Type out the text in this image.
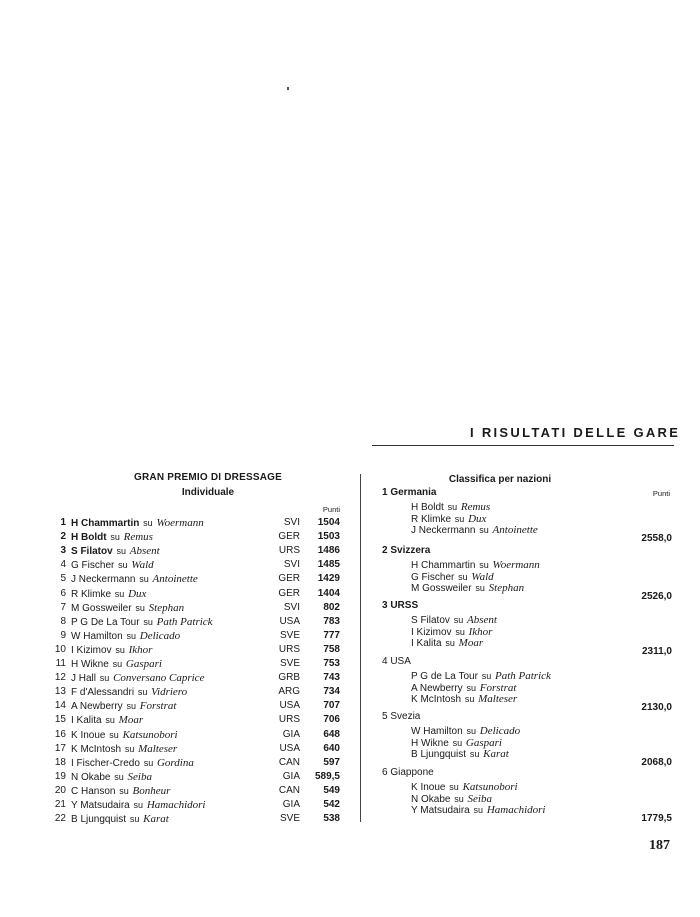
I RISULTATI DELLE GARE
GRAN PREMIO DI DRESSAGE
Individuale
Punti
1 H Chammartin su Woermann	SVI 1504
2 H Boldt su Remus	GER 1503
3 S Filatov su Absent	URS 1486
4 G Fischer su Wald	SVI 1485
5 J Neckermann su Antoinette	GER 1429
6 R Klimke su Dux	GER 1404
7 M Gossweiler su Stephan	SVI 802
8 P G De La Tour su Path Patrick	USA 783
9 W Hamilton su Delicado	SVE 777
10 I Kizimov su Ikhor	URS 758
11 H Wikne su Gaspari	SVE 753
12 J Hall su Conversano Caprice	GRB 743
13 F d'Alessandri su Vidriero	ARG 734
14 A Newberry su Forstrat	USA 707
15 I Kalita su Moar	URS 706
16 K Inoue su Katsunobori	GIA 648
17 K McIntosh su Malteser	USA 640
18 I Fischer-Credo su Gordina	CAN 597
19 N Okabe su Seiba	GIA 589,5
20 C Hanson su Bonheur	CAN 549
21 Y Matsudaira su Hamachidori	GIA 542
22 B Ljungquist su Karat	SVE 538
Classifica per nazioni
Punti
1 Germania
H Boldt su Remus
R Klimke su Dux
J Neckermann su Antoinette
2558,0
2 Svizzera
H Chammartin su Woermann
G Fischer su Wald
M Gossweiler su Stephan
2526,0
3 URSS
S Filatov su Absent
I Kizimov su Ikhor
I Kalita su Moar
2311,0
4 USA
P G de La Tour su Path Patrick
A Newberry su Forstrat
K McIntosh su Malteser
2130,0
5 Svezia
W Hamilton su Delicado
H Wikne su Gaspari
B Ljungquist su Karat
2068,0
6 Giappone
K Inoue su Katsunobori
N Okabe su Seiba
Y Matsudaira su Hamachidori
1779,5
187
